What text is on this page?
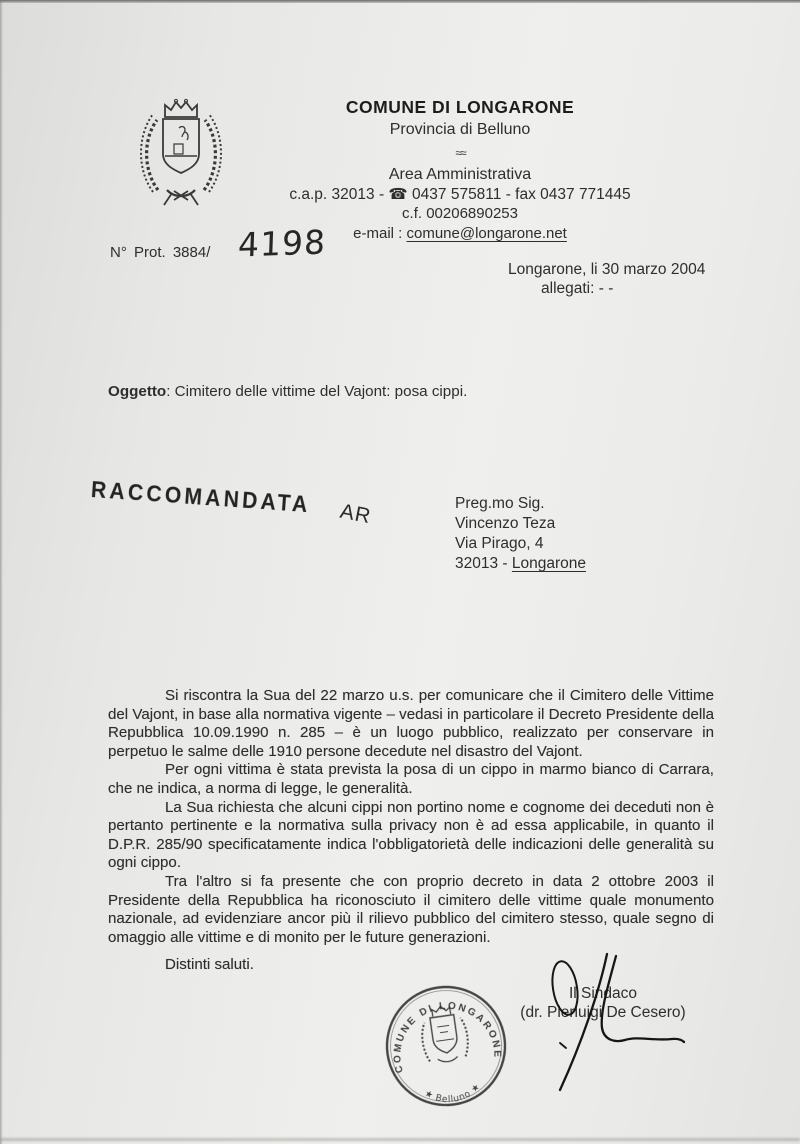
COMUNE DI LONGARONE
Provincia di Belluno
≈≈
Area Amministrativa
c.a.p. 32013 - ☎ 0437 575811 - fax 0437 771445
c.f. 00206890253
e-mail : comune@longarone.net
N° Prot. 3884/ 4198
Longarone, li 30 marzo 2004
allegati: - -
Oggetto: Cimitero delle vittime del Vajont: posa cippi.
RACCOMANDATA AR	Preg.mo Sig.
Vincenzo Teza
Via Pirago, 4
32013 - Longarone

Si riscontra la Sua del 22 marzo u.s. per comunicare che il Cimitero delle Vittime del Vajont, in base alla normativa vigente – vedasi in particolare il Decreto Presidente della Repubblica 10.09.1990 n. 285 – è un luogo pubblico, realizzato per conservare in perpetuo le salme delle 1910 persone decedute nel disastro del Vajont.

Per ogni vittima è stata prevista la posa di un cippo in marmo bianco di Carrara, che ne indica, a norma di legge, le generalità.

La Sua richiesta che alcuni cippi non portino nome e cognome dei deceduti non è pertanto pertinente e la normativa sulla privacy non è ad essa applicabile, in quanto il D.P.R. 285/90 specificatamente indica l'obbligatorietà delle indicazioni delle generalità su ogni cippo.

Tra l'altro si fa presente che con proprio decreto in data 2 ottobre 2003 il Presidente della Repubblica ha riconosciuto il cimitero delle vittime quale monumento nazionale, ad evidenziare ancor più il rilievo pubblico del cimitero stesso, quale segno di omaggio alle vittime e di monito per le future generazioni.

Distinti saluti.

COMUNE DI LONGARONE
★ Belluno ★
Il Sindaco
(dr. Pierluigi De Cesero)
